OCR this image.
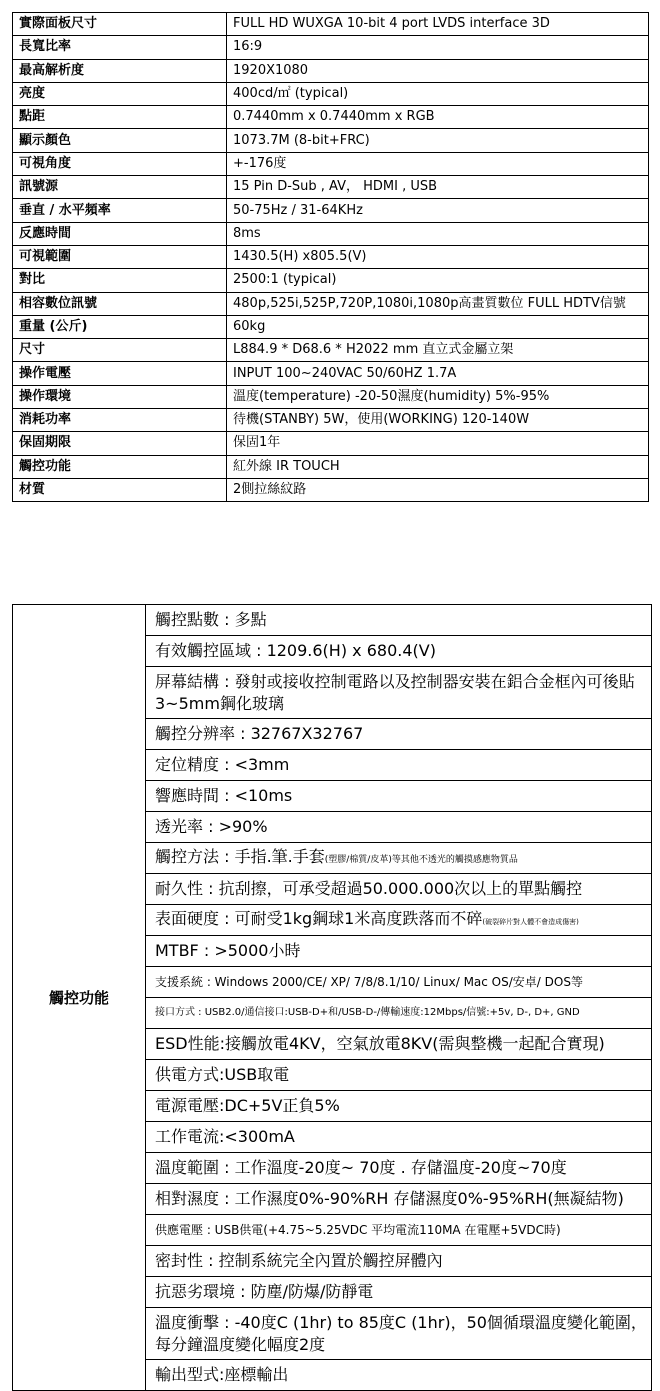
實際面板尺寸	FULL HD WUXGA 10-bit 4 port LVDS interface 3D
長寬比率	16:9
最高解析度	1920X1080
亮度	400cd/㎡ (typical)
點距	0.7440mm x 0.7440mm x RGB
顯示顏色	1073.7M (8-bit+FRC)
可視角度	+-176度
訊號源	15 Pin D-Sub , AV， HDMI , USB
垂直 / 水平頻率	50-75Hz / 31-64KHz
反應時間	8ms
可視範圍	1430.5(H) x805.5(V)
對比	2500:1 (typical)
相容數位訊號	480p,525i,525P,720P,1080i,1080p高畫質數位 FULL HDTV信號
重量 (公斤)	60kg
尺寸	L884.9 * D68.6 * H2022 mm 直立式金屬立架
操作電壓	INPUT 100~240VAC 50/60HZ 1.7A
操作環境	溫度(temperature) -20-50濕度(humidity) 5%-95%
消耗功率	待機(STANBY) 5W，使用(WORKING) 120-140W
保固期限	保固1年
觸控功能	紅外線 IR TOUCH
材質	2側拉絲紋路
觸控功能	觸控點數 : 多點
有效觸控區域 : 1209.6(H) x 680.4(V)
屏幕結構 : 發射或接收控制電路以及控制器安裝在鋁合金框內可後貼3~5mm鋼化玻璃
觸控分辨率 : 32767X32767
定位精度 : <3mm
響應時間 : <10ms
透光率 : >90%
觸控方法 : 手指.筆.手套(塑膠/棉質/皮革)等其他不透光的觸摸感應物質品
耐久性 : 抗刮擦，可承受超過50.000.000次以上的單點觸控
表面硬度 : 可耐受1kg鋼球1米高度跌落而不碎(破裂碎片對人體不會造成傷害)
MTBF : >5000小時
支援系統 : Windows 2000/CE/ XP/ 7/8/8.1/10/ Linux/ Mac OS/安卓/ DOS等
接口方式 : USB2.0/通信接口:USB-D+和/USB-D-/傳輸速度:12Mbps/信號:+5v, D-, D+, GND
ESD性能:接觸放電4KV，空氣放電8KV(需與整機一起配合實現)
供電方式:USB取電
電源電壓:DC+5V正負5%
工作電流:<300mA
溫度範圍 : 工作溫度-20度~ 70度 . 存儲溫度-20度~70度
相對濕度 : 工作濕度0%-90%RH 存儲濕度0%-95%RH(無凝結物)
供應電壓 : USB供電(+4.75~5.25VDC 平均電流110MA 在電壓+5VDC時)
密封性 : 控制系統完全內置於觸控屏體內
抗惡劣環境 : 防塵/防爆/防靜電
溫度衝擊 : -40度C (1hr) to 85度C (1hr)，50個循環溫度變化範圍，每分鐘溫度變化幅度2度
輸出型式:座標輸出
